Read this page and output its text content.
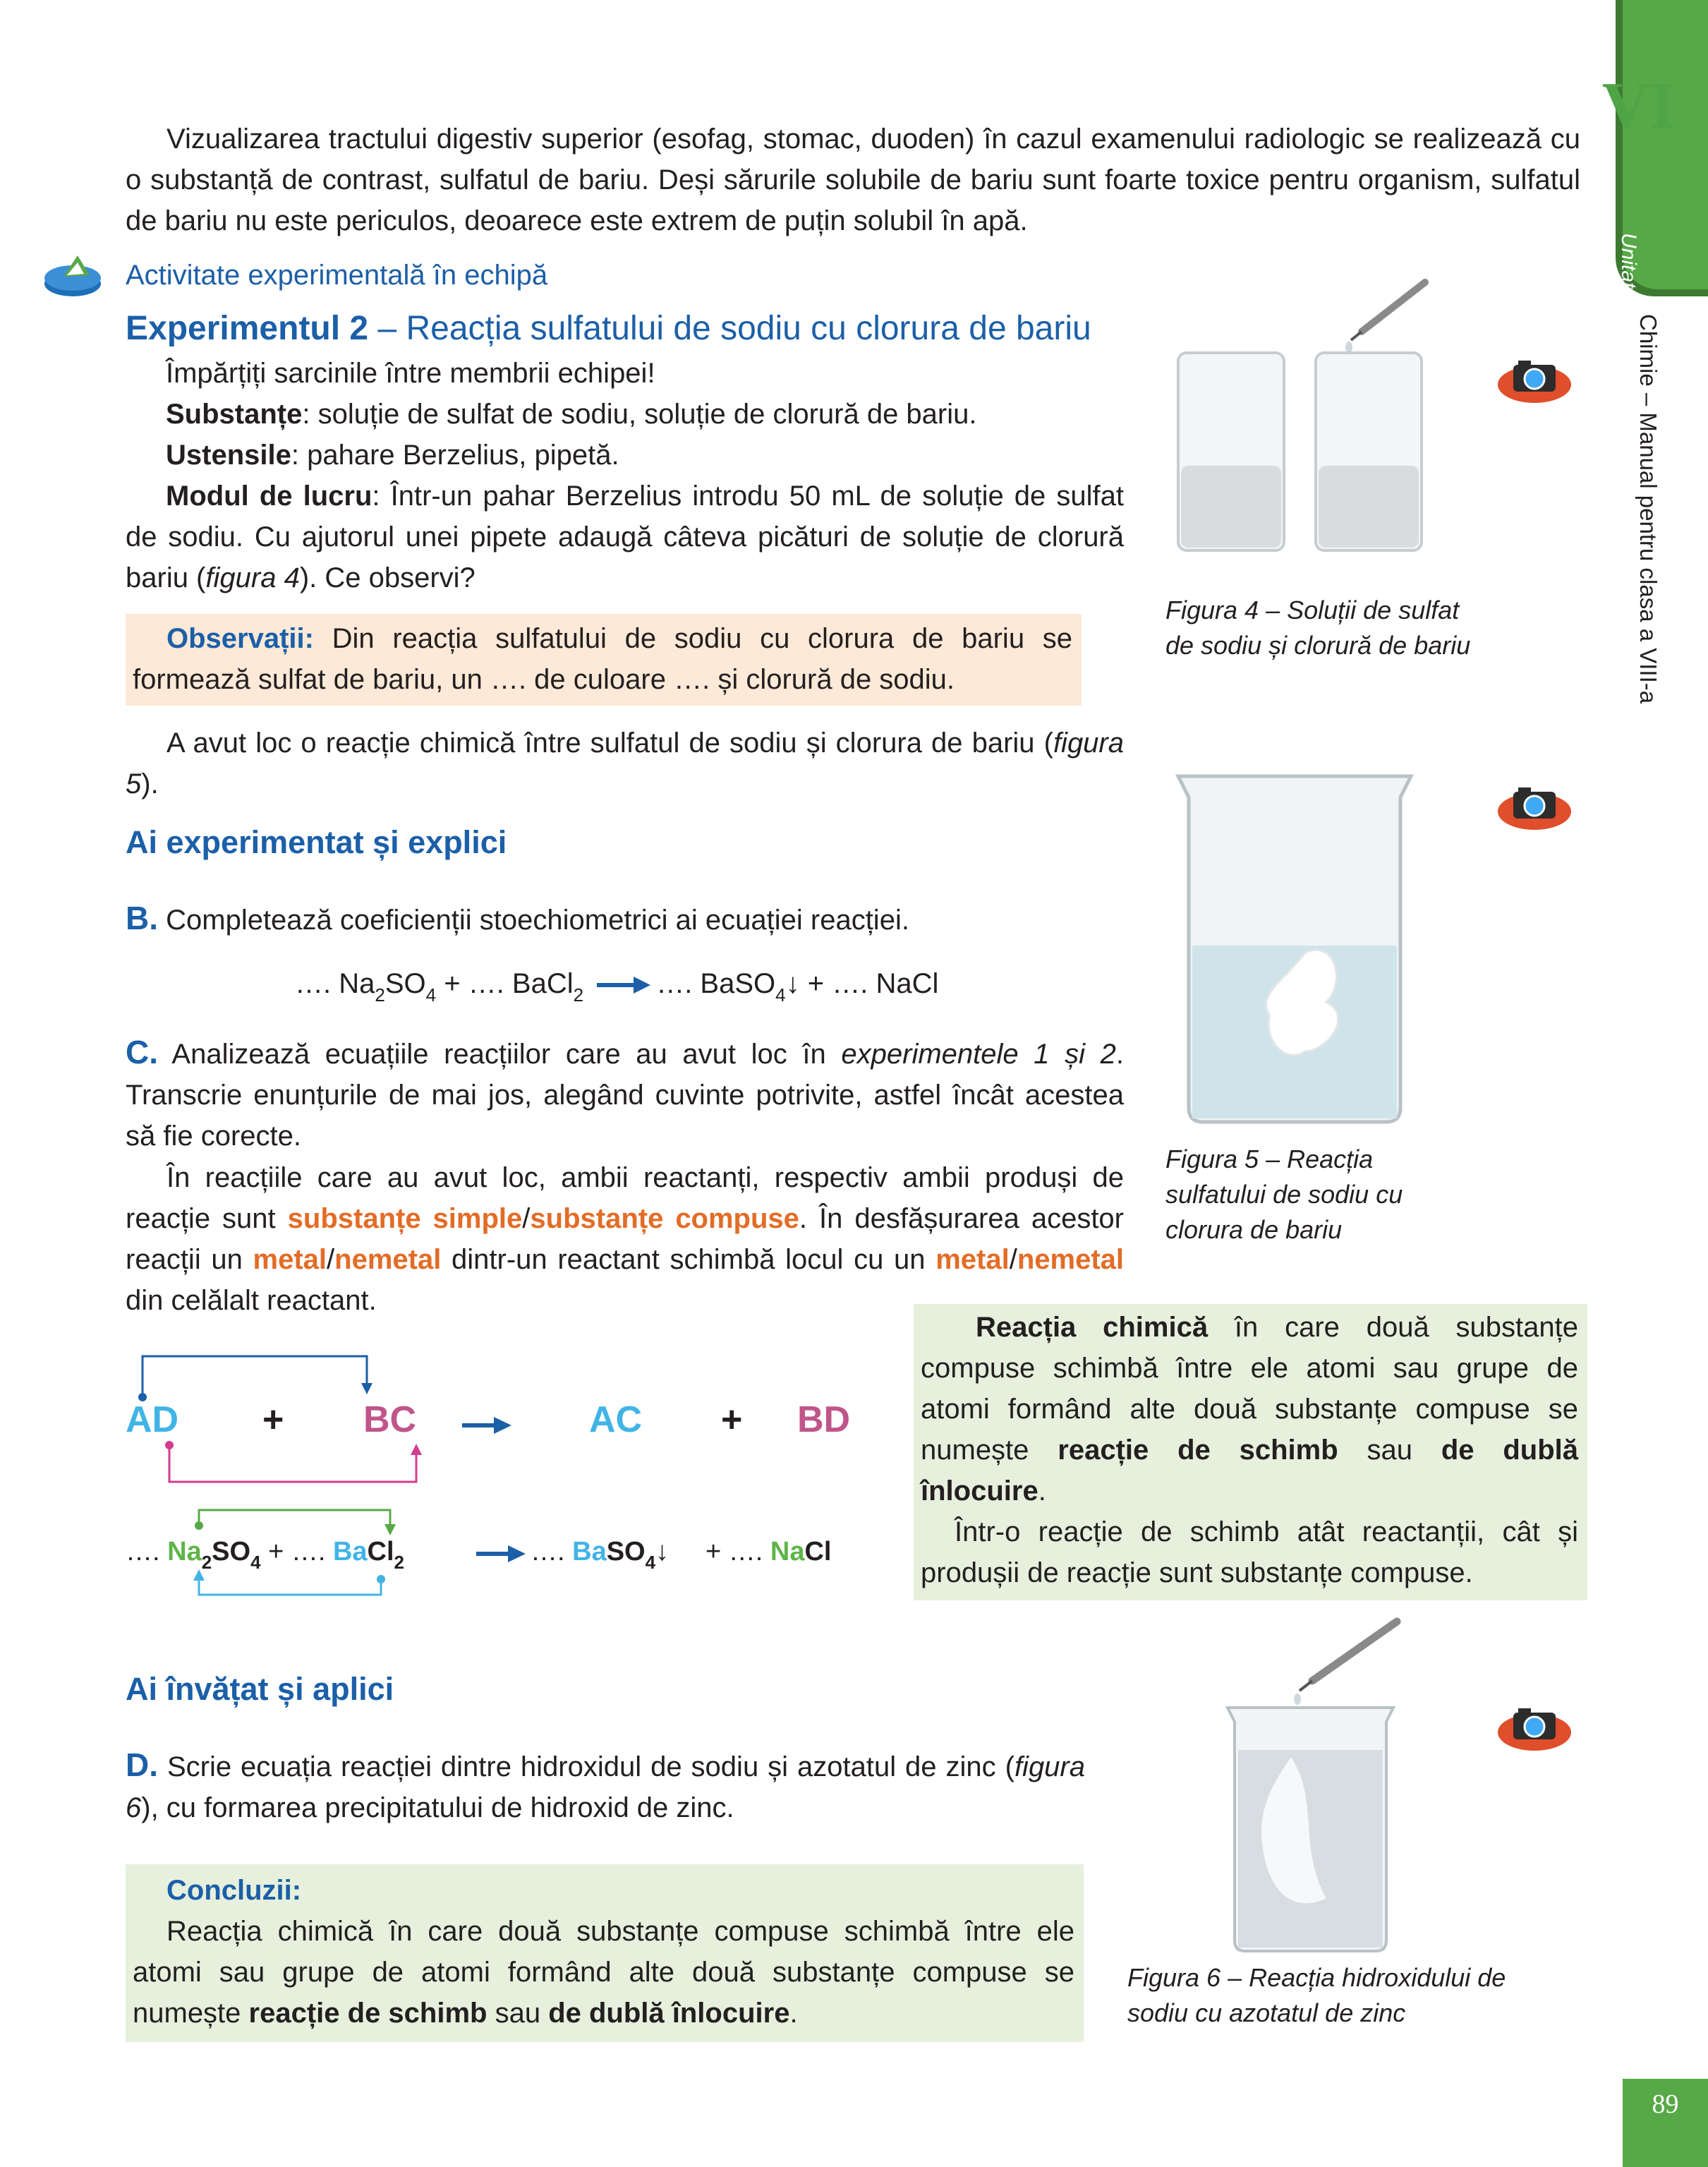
VI
Unitatea
Chimie – Manual pentru clasa a VIII-a
Vizualizarea tractului digestiv superior (esofag, stomac, duoden) în cazul examenului radiologic se realizează cu o substanță de contrast, sulfatul de bariu. Deși sărurile solubile de bariu sunt foarte toxice pentru organism, sulfatul de bariu nu este periculos, deoarece este extrem de puțin solubil în apă.
Activitate experimentală în echipă
Experimentul 2 – Reacția sulfatului de sodiu cu clorura de bariu
Împărțiți sarcinile între membrii echipei!
Substanțe: soluție de sulfat de sodiu, soluție de clorură de bariu.
Ustensile: pahare Berzelius, pipetă.
Modul de lucru: Într-un pahar Berzelius introdu 50 mL de soluție de sulfat de sodiu. Cu ajutorul unei pipete adaugă câteva picături de soluție de clorură bariu (figura 4). Ce observi?
Observații: Din reacția sulfatului de sodiu cu clorura de bariu se formează sulfat de bariu, un …. de culoare …. și clorură de sodiu.
A avut loc o reacție chimică între sulfatul de sodiu și clorura de bariu (figura 5).
Ai experimentat și explici
B. Completează coeficienții stoechiometrici ai ecuației reacției.
…. $Na_2SO_4$ + …. BaCl$_2$ → …. BaSO$_4$↓ + …. NaCl
C. Analizează ecuațiile reacțiilor care au avut loc în experimentele 1 și 2. Transcrie enunțurile de mai jos, alegând cuvinte potrivite, astfel încât acestea să fie corecte.
În reacțiile care au avut loc, ambii reactanți, respectiv ambii produși de reacție sunt substanțe simple/substanțe compuse. În desfășurarea acestor reacții un metal/nemetal dintr-un reactant schimbă locul cu un metal/nemetal din celălalt reactant.
AD + BC	AC + BD
…. $Na_2SO_4$ + …. BaCl$_2$	…. BaSO$_4$↓ + …. NaCl
Reacția chimică în care două substanțe compuse schimbă între ele atomi sau grupe de atomi formând alte două substanțe compuse se numește reacție de schimb sau de dublă înlocuire.
Într-o reacție de schimb atât reactanții, cât și produșii de reacție sunt substanțe compuse.
Ai învățat și aplici
D. Scrie ecuația reacției dintre hidroxidul de sodiu și azotatul de zinc (figura 6), cu formarea precipitatului de hidroxid de zinc.
Concluzii:
Reacția chimică în care două substanțe compuse schimbă între ele atomi sau grupe de atomi formând alte două substanțe compuse se numește reacție de schimb sau de dublă înlocuire.
Figura 4 – Soluții de sulfat de sodiu și clorură de bariu
Figura 5 – Reacția sulfatului de sodiu cu clorura de bariu
Figura 6 – Reacția hidroxidului de sodiu cu azotatul de zinc
89
